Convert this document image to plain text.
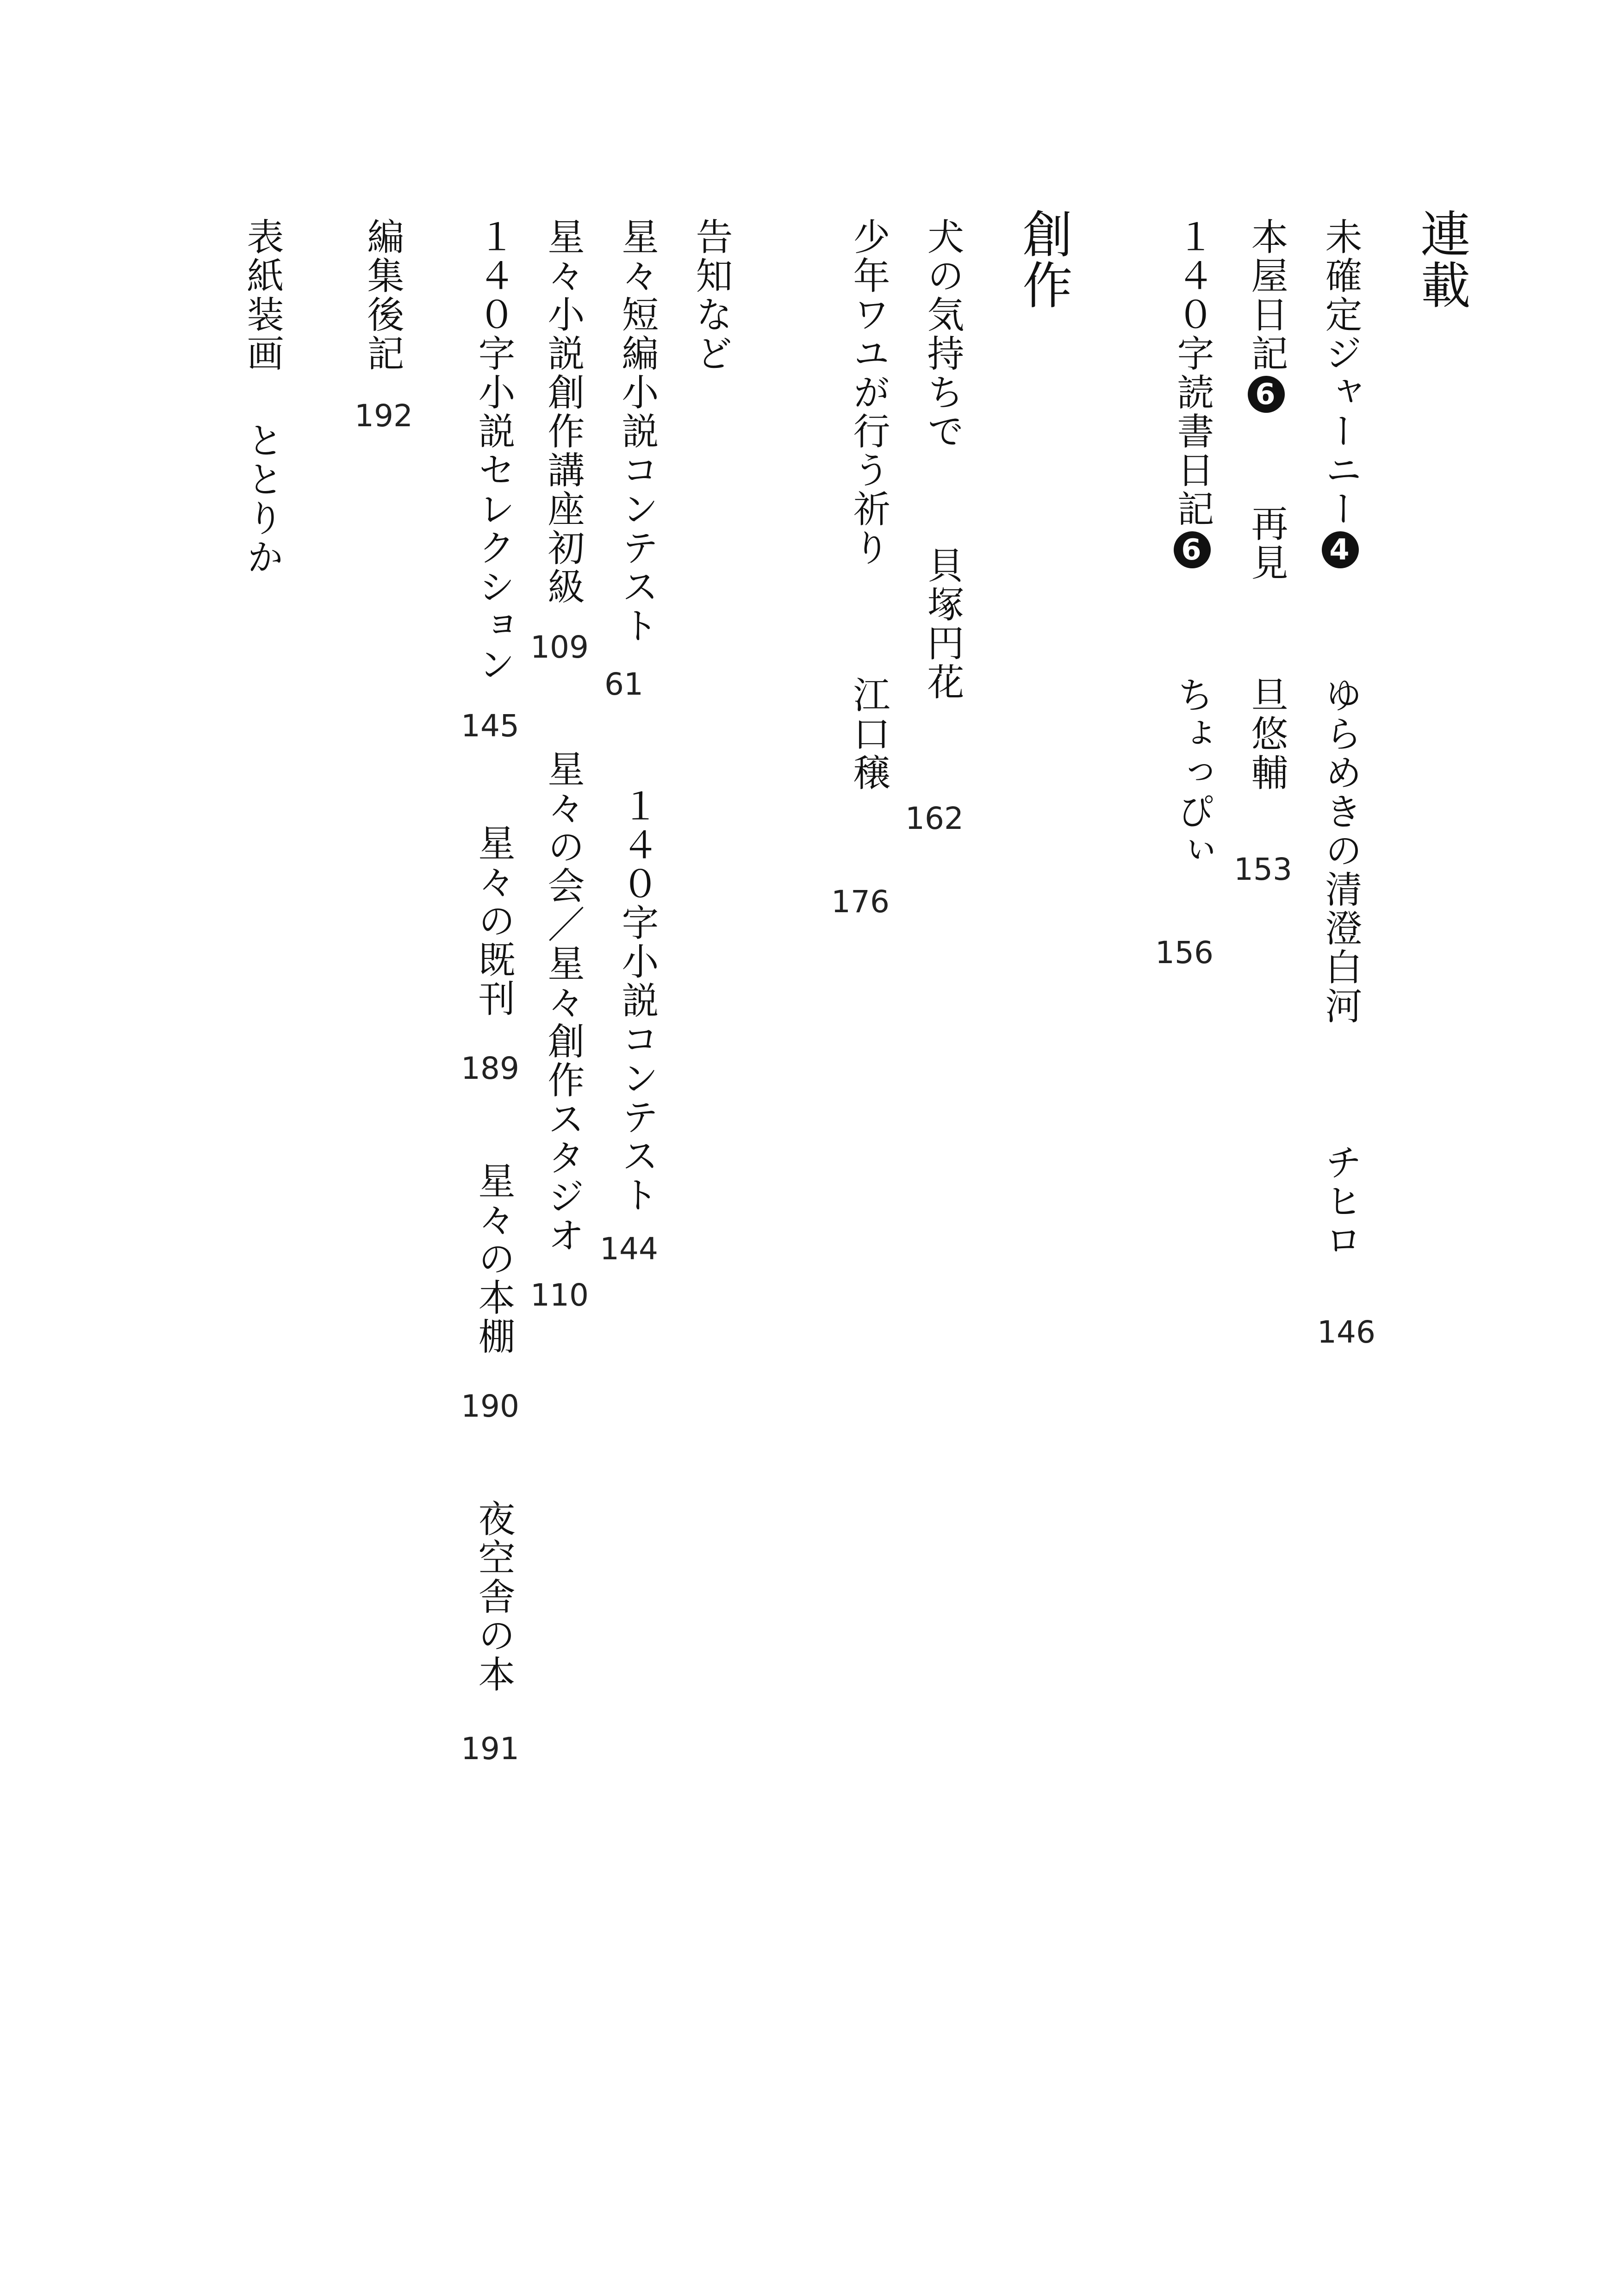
連載
未確定ジャーニー4
ゆらめきの清澄白河
チヒロ
146
本屋日記6
再見
旦悠輔
153
１４０字読書日記6
ちょっぴぃ
156
創作
犬の気持ちで
貝塚円花
162
少年ワユが行う祈り
江口穣
176
告知など
星々短編小説コンテスト
61
１４０字小説コンテスト
144
星々小説創作講座初級
109
星々の会／星々創作スタジオ
110
１４０字小説セレクション
145
星々の既刊
189
星々の本棚
190
夜空舎の本
191
編集後記
192
表紙装画
ととりか
